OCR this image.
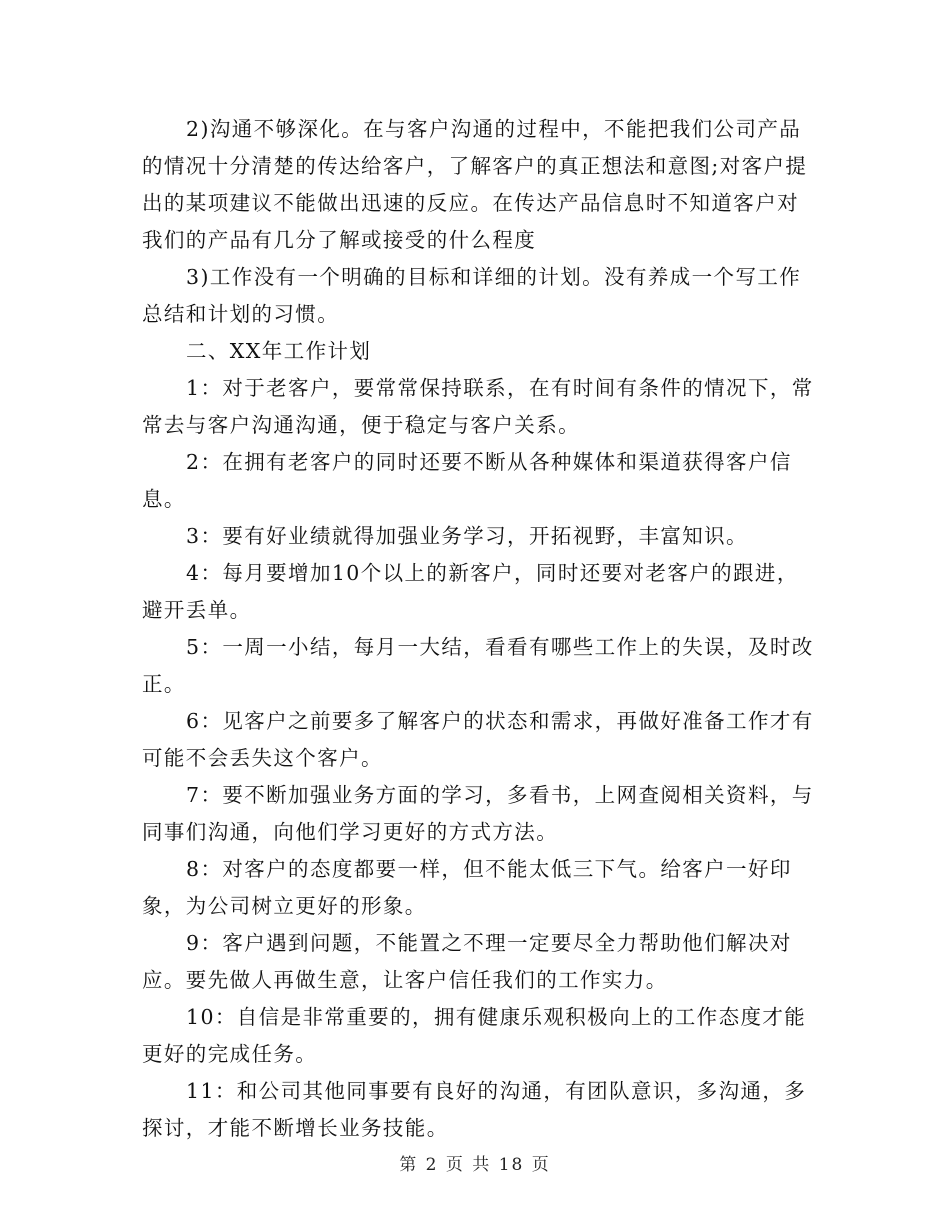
2)沟通不够深化。在与客户沟通的过程中，不能把我们公司产品的情况十分清楚的传达给客户，了解客户的真正想法和意图;对客户提出的某项建议不能做出迅速的反应。在传达产品信息时不知道客户对我们的产品有几分了解或接受的什么程度

3)工作没有一个明确的目标和详细的计划。没有养成一个写工作总结和计划的习惯。

二、XX年工作计划

1：对于老客户，要常常保持联系，在有时间有条件的情况下，常常去与客户沟通沟通，便于稳定与客户关系。

2：在拥有老客户的同时还要不断从各种媒体和渠道获得客户信息。

3：要有好业绩就得加强业务学习，开拓视野，丰富知识。

4：每月要增加10个以上的新客户，同时还要对老客户的跟进，避开丢单。

5：一周一小结，每月一大结，看看有哪些工作上的失误，及时改正。

6：见客户之前要多了解客户的状态和需求，再做好准备工作才有可能不会丢失这个客户。

7：要不断加强业务方面的学习，多看书，上网查阅相关资料，与同事们沟通，向他们学习更好的方式方法。

8：对客户的态度都要一样，但不能太低三下气。给客户一好印象，为公司树立更好的形象。

9：客户遇到问题，不能置之不理一定要尽全力帮助他们解决对应。要先做人再做生意，让客户信任我们的工作实力。

10：自信是非常重要的，拥有健康乐观积极向上的工作态度才能更好的完成任务。

11：和公司其他同事要有良好的沟通，有团队意识，多沟通，多探讨，才能不断增长业务技能。

第 2 页 共 18 页
